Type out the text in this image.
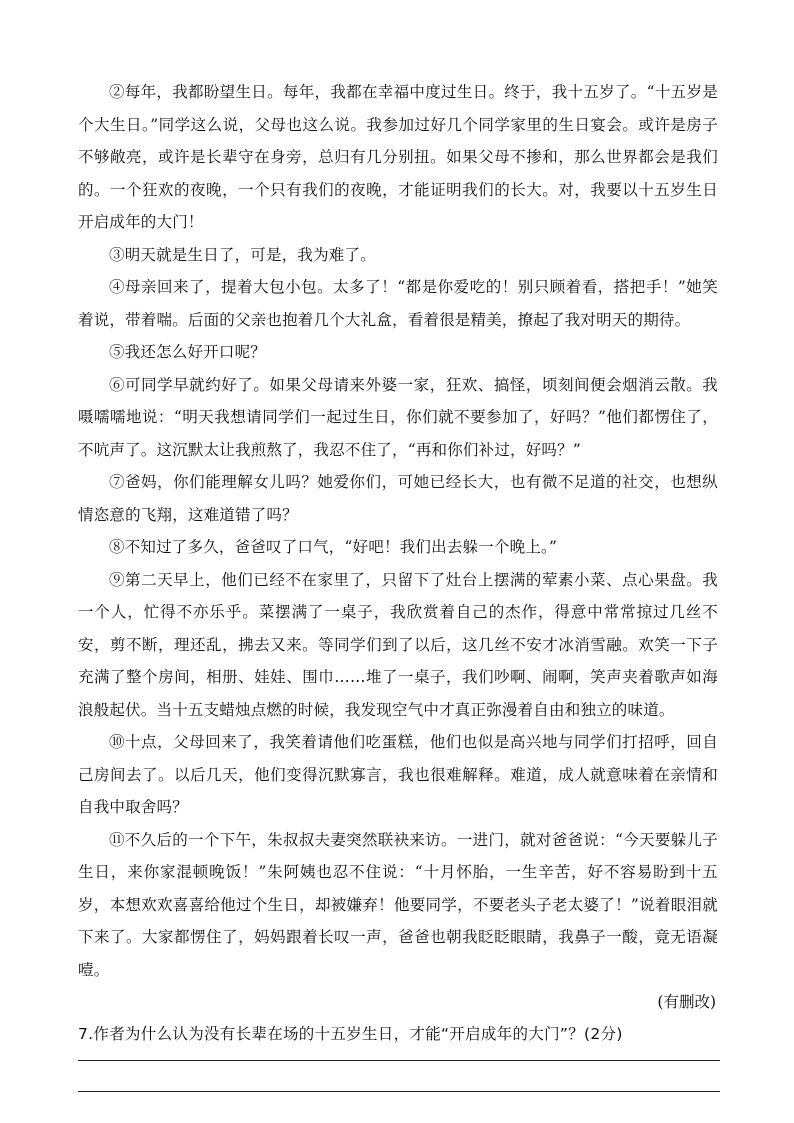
②每年，我都盼望生日。每年，我都在幸福中度过生日。终于，我十五岁了。“十五岁是个大生日。”同学这么说，父母也这么说。我参加过好几个同学家里的生日宴会。或许是房子不够敞亮，或许是长辈守在身旁，总归有几分别扭。如果父母不掺和，那么世界都会是我们的。一个狂欢的夜晚，一个只有我们的夜晚，才能证明我们的长大。对，我要以十五岁生日开启成年的大门！

③明天就是生日了，可是，我为难了。

④母亲回来了，提着大包小包。太多了！“都是你爱吃的！别只顾着看，搭把手！”她笑着说，带着喘。后面的父亲也抱着几个大礼盒，看着很是精美，撩起了我对明天的期待。

⑤我还怎么好开口呢？

⑥可同学早就约好了。如果父母请来外婆一家，狂欢、搞怪，顷刻间便会烟消云散。我嗫嚅嚅地说：“明天我想请同学们一起过生日，你们就不要参加了，好吗？”他们都愣住了，不吭声了。这沉默太让我煎熬了，我忍不住了，“再和你们补过，好吗？”

⑦爸妈，你们能理解女儿吗？她爱你们，可她已经长大，也有微不足道的社交，也想纵情恣意的飞翔，这难道错了吗？

⑧不知过了多久，爸爸叹了口气，“好吧！我们出去躲一个晚上。”

⑨第二天早上，他们已经不在家里了，只留下了灶台上摆满的荤素小菜、点心果盘。我一个人，忙得不亦乐乎。菜摆满了一桌子，我欣赏着自己的杰作，得意中常常掠过几丝不安，剪不断，理还乱，拂去又来。等同学们到了以后，这几丝不安才冰消雪融。欢笑一下子充满了整个房间，相册、娃娃、围巾……堆了一桌子，我们吵啊、闹啊，笑声夹着歌声如海浪般起伏。当十五支蜡烛点燃的时候，我发现空气中才真正弥漫着自由和独立的味道。

⑩十点，父母回来了，我笑着请他们吃蛋糕，他们也似是高兴地与同学们打招呼，回自己房间去了。以后几天，他们变得沉默寡言，我也很难解释。难道，成人就意味着在亲情和自我中取舍吗？

⑪不久后的一个下午，朱叔叔夫妻突然联袂来访。一进门，就对爸爸说：“今天要躲儿子生日，来你家混顿晚饭！”朱阿姨也忍不住说：“十月怀胎，一生辛苦，好不容易盼到十五岁，本想欢欢喜喜给他过个生日，却被嫌弃！他要同学，不要老头子老太婆了！”说着眼泪就下来了。大家都愣住了，妈妈跟着长叹一声，爸爸也朝我眨眨眼睛，我鼻子一酸，竟无语凝噎。

(有删改)

7.作者为什么认为没有长辈在场的十五岁生日，才能“开启成年的大门”？(2分)
